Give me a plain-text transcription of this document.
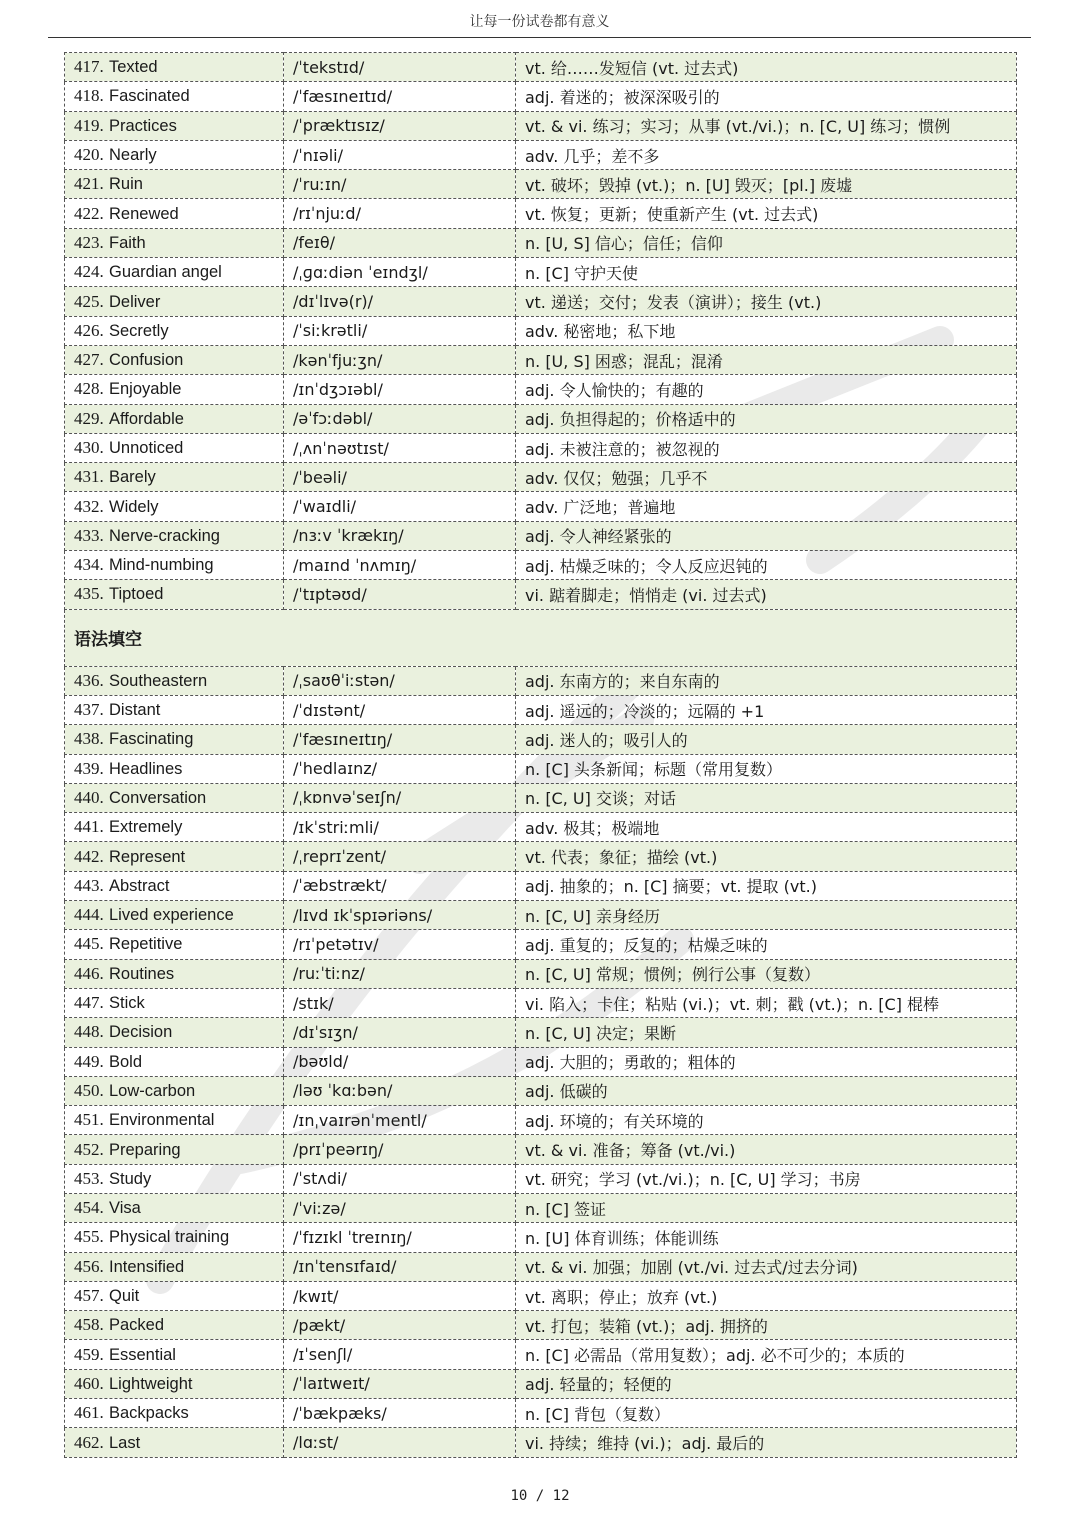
让每一份试卷都有意义
417. Texted	/ˈtekstɪd/	vt. 给……发短信 (vt. 过去式)
418. Fascinated	/ˈfæsɪneɪtɪd/	adj. 着迷的；被深深吸引的
419. Practices	/ˈpræktɪsɪz/	vt. & vi. 练习；实习；从事 (vt./vi.)；n. [C, U] 练习；惯例
420. Nearly	/ˈnɪəli/	adv. 几乎；差不多
421. Ruin	/ˈruːɪn/	vt. 破坏；毁掉 (vt.)；n. [U] 毁灭；[pl.] 废墟
422. Renewed	/rɪˈnjuːd/	vt. 恢复；更新；使重新产生 (vt. 过去式)
423. Faith	/feɪθ/	n. [U, S] 信心；信任；信仰
424. Guardian angel	/ˌɡɑːdiən ˈeɪndʒl/	n. [C] 守护天使
425. Deliver	/dɪˈlɪvə(r)/	vt. 递送；交付；发表（演讲）；接生 (vt.)
426. Secretly	/ˈsiːkrətli/	adv. 秘密地；私下地
427. Confusion	/kənˈfjuːʒn/	n. [U, S] 困惑；混乱；混淆
428. Enjoyable	/ɪnˈdʒɔɪəbl/	adj. 令人愉快的；有趣的
429. Affordable	/əˈfɔːdəbl/	adj. 负担得起的；价格适中的
430. Unnoticed	/ˌʌnˈnəʊtɪst/	adj. 未被注意的；被忽视的
431. Barely	/ˈbeəli/	adv. 仅仅；勉强；几乎不
432. Widely	/ˈwaɪdli/	adv. 广泛地；普遍地
433. Nerve-cracking	/nɜːv ˈkrækɪŋ/	adj. 令人神经紧张的
434. Mind-numbing	/maɪnd ˈnʌmɪŋ/	adj. 枯燥乏味的；令人反应迟钝的
435. Tiptoed	/ˈtɪptəʊd/	vi. 踮着脚走；悄悄走 (vi. 过去式)
语法填空		
436. Southeastern	/ˌsaʊθˈiːstən/	adj. 东南方的；来自东南的
437. Distant	/ˈdɪstənt/	adj. 遥远的；冷淡的；远隔的 +1
438. Fascinating	/ˈfæsɪneɪtɪŋ/	adj. 迷人的；吸引人的
439. Headlines	/ˈhedlaɪnz/	n. [C] 头条新闻；标题（常用复数）
440. Conversation	/ˌkɒnvəˈseɪʃn/	n. [C, U] 交谈；对话
441. Extremely	/ɪkˈstriːmli/	adv. 极其；极端地
442. Represent	/ˌreprɪˈzent/	vt. 代表；象征；描绘 (vt.)
443. Abstract	/ˈæbstrækt/	adj. 抽象的；n. [C] 摘要；vt. 提取 (vt.)
444. Lived experience	/lɪvd ɪkˈspɪəriəns/	n. [C, U] 亲身经历
445. Repetitive	/rɪˈpetətɪv/	adj. 重复的；反复的；枯燥乏味的
446. Routines	/ruːˈtiːnz/	n. [C, U] 常规；惯例；例行公事（复数）
447. Stick	/stɪk/	vi. 陷入；卡住；粘贴 (vi.)；vt. 刺；戳 (vt.)；n. [C] 棍棒
448. Decision	/dɪˈsɪʒn/	n. [C, U] 决定；果断
449. Bold	/bəʊld/	adj. 大胆的；勇敢的；粗体的
450. Low-carbon	/ləʊ ˈkɑːbən/	adj. 低碳的
451. Environmental	/ɪnˌvaɪrənˈmentl/	adj. 环境的；有关环境的
452. Preparing	/prɪˈpeərɪŋ/	vt. & vi. 准备；筹备 (vt./vi.)
453. Study	/ˈstʌdi/	vt. 研究；学习 (vt./vi.)；n. [C, U] 学习；书房
454. Visa	/ˈviːzə/	n. [C] 签证
455. Physical training	/ˈfɪzɪkl ˈtreɪnɪŋ/	n. [U] 体育训练；体能训练
456. Intensified	/ɪnˈtensɪfaɪd/	vt. & vi. 加强；加剧 (vt./vi. 过去式/过去分词)
457. Quit	/kwɪt/	vt. 离职；停止；放弃 (vt.)
458. Packed	/pækt/	vt. 打包；装箱 (vt.)；adj. 拥挤的
459. Essential	/ɪˈsenʃl/	n. [C] 必需品（常用复数）；adj. 必不可少的；本质的
460. Lightweight	/ˈlaɪtweɪt/	adj. 轻量的；轻便的
461. Backpacks	/ˈbækpæks/	n. [C] 背包（复数）
462. Last	/lɑːst/	vi. 持续；维持 (vi.)；adj. 最后的
10 / 12
